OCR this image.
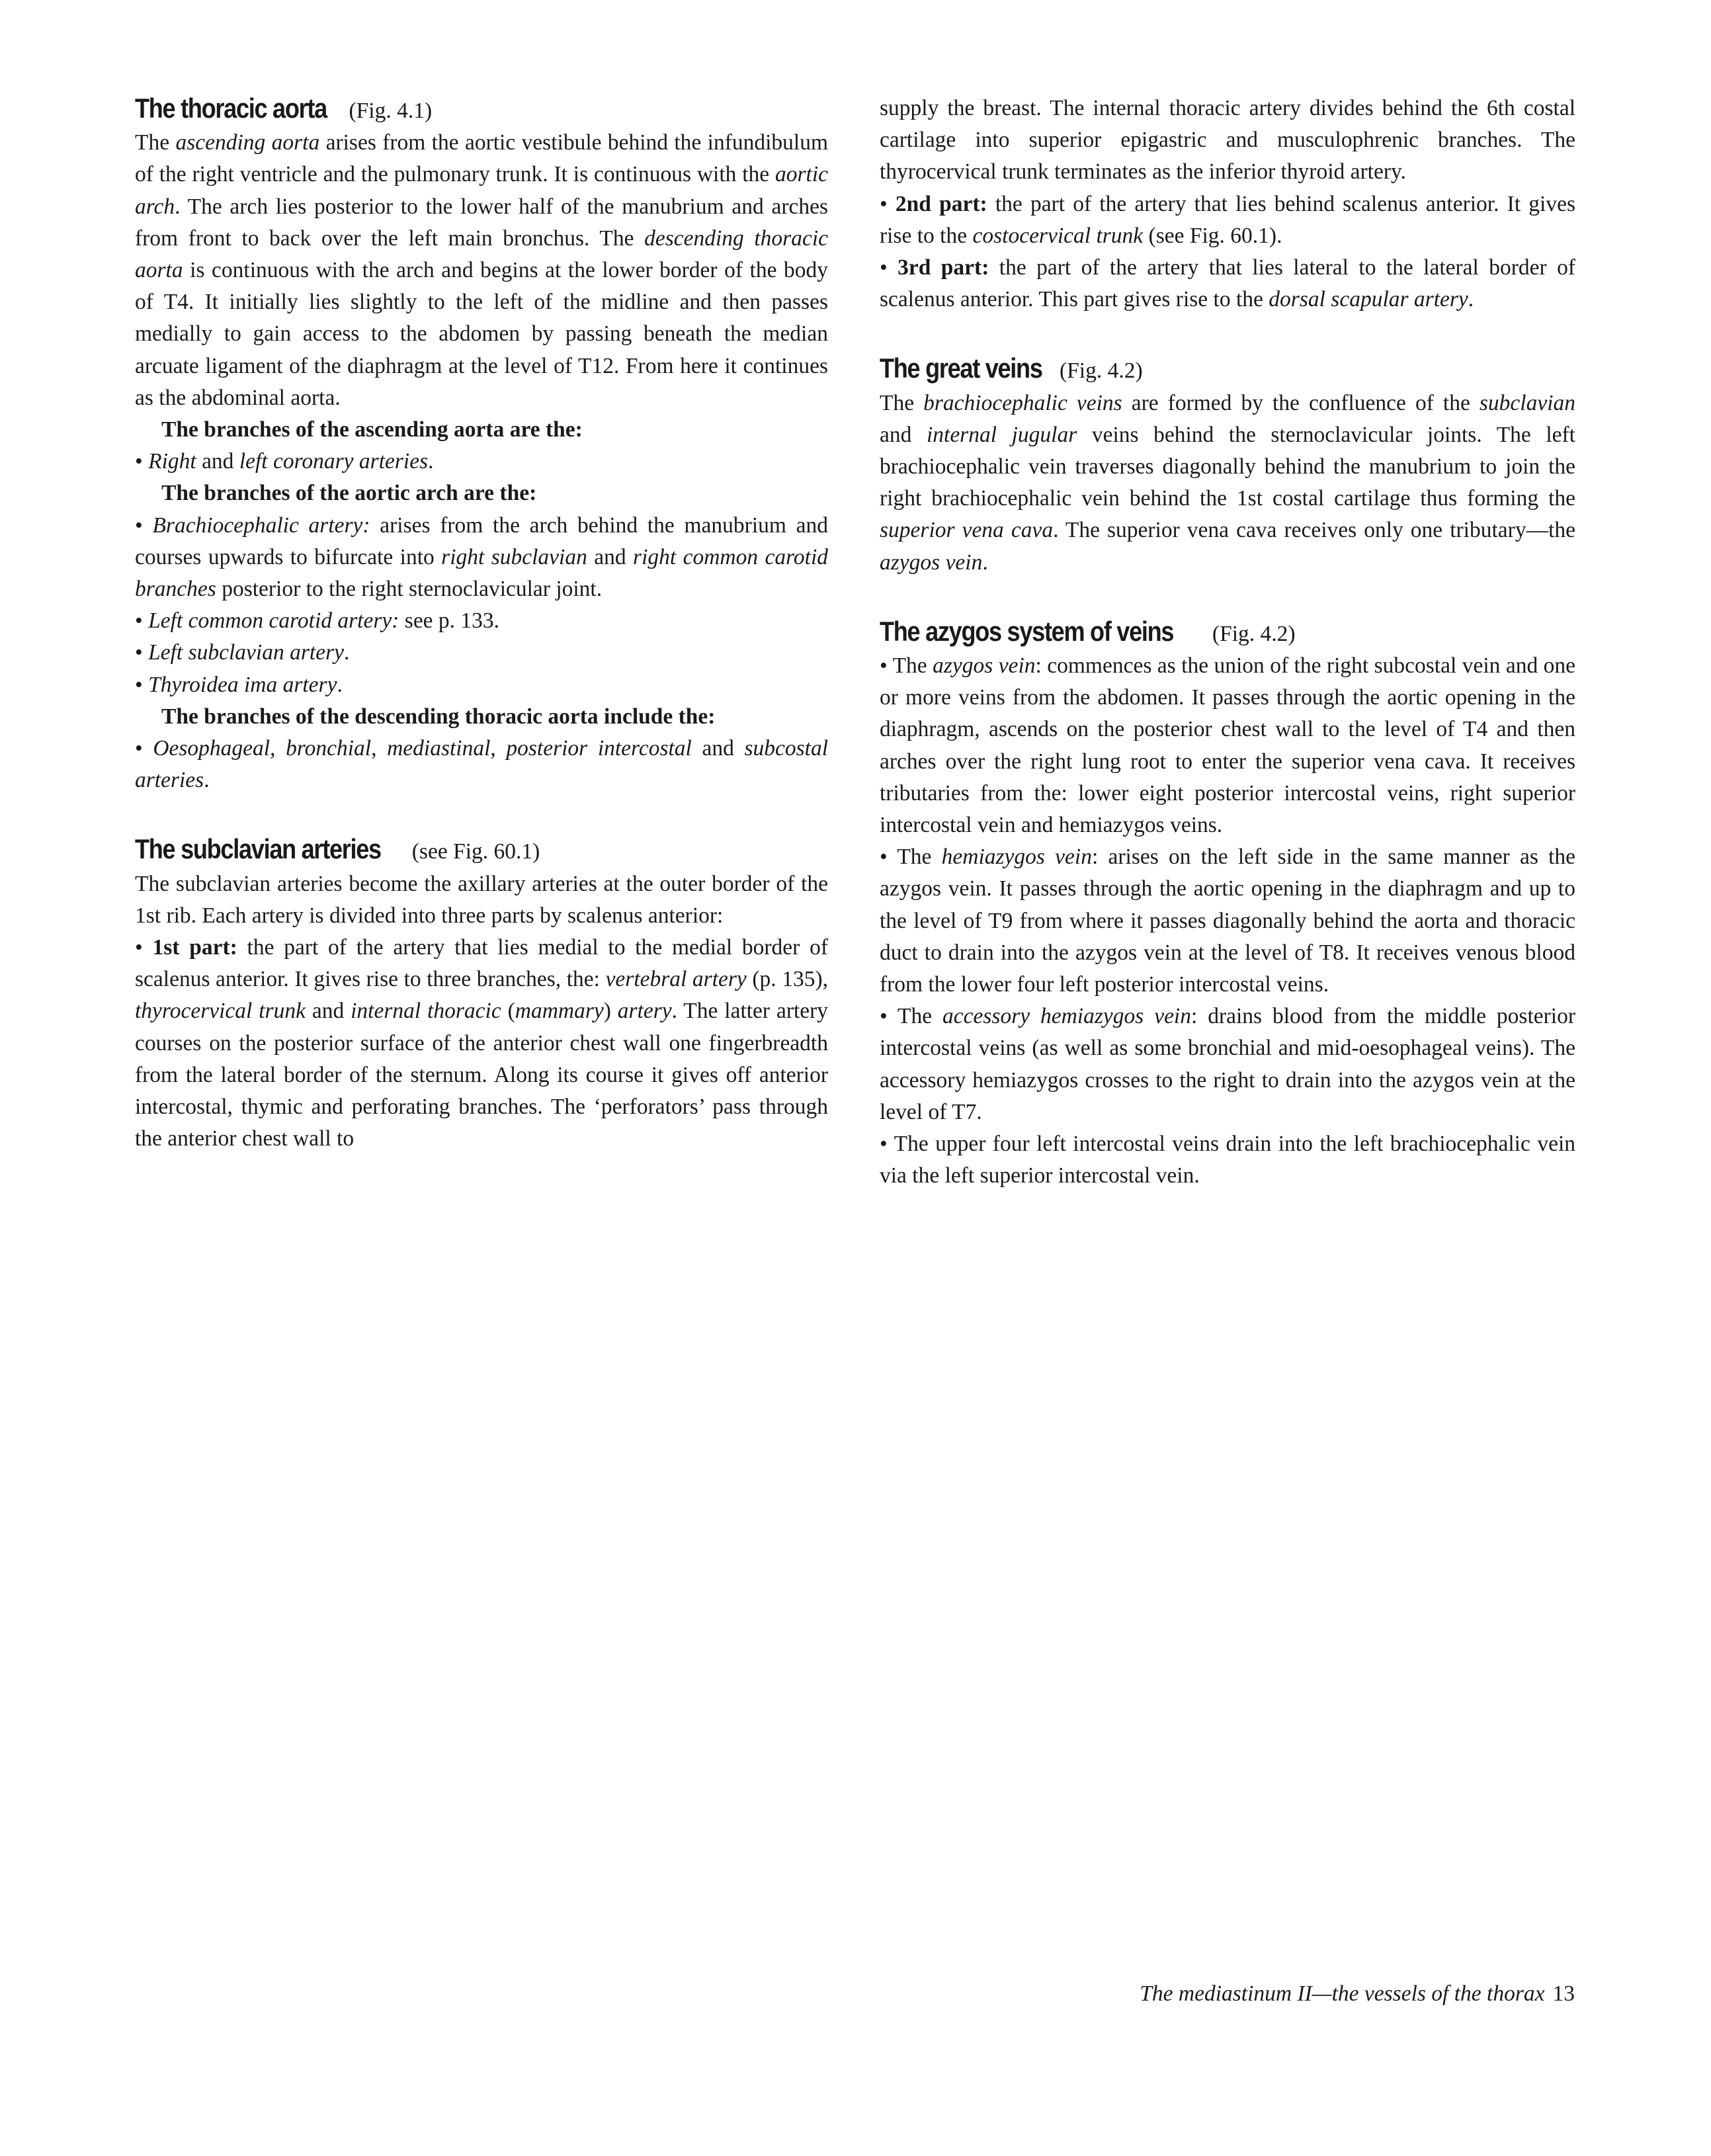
The thoracic aorta (Fig. 4.1)

The ascending aorta arises from the aortic vestibule behind the infundibulum of the right ventricle and the pulmonary trunk. It is continuous with the aortic arch. The arch lies posterior to the lower half of the manubrium and arches from front to back over the left main bronchus. The descending thoracic aorta is continuous with the arch and begins at the lower border of the body of T4. It initially lies slightly to the left of the midline and then passes medially to gain access to the abdomen by passing beneath the median arcuate ligament of the diaphragm at the level of T12. From here it continues as the abdominal aorta.

The branches of the ascending aorta are the:

• Right and left coronary arteries.

The branches of the aortic arch are the:

• Brachiocephalic artery: arises from the arch behind the manubrium and courses upwards to bifurcate into right subclavian and right common carotid branches posterior to the right sternoclavicular joint.

• Left common carotid artery: see p. 133.

• Left subclavian artery.

• Thyroidea ima artery.

The branches of the descending thoracic aorta include the:

• Oesophageal, bronchial, mediastinal, posterior intercostal and subcostal arteries.

The subclavian arteries (see Fig. 60.1)

The subclavian arteries become the axillary arteries at the outer border of the 1st rib. Each artery is divided into three parts by scalenus anterior:

• 1st part: the part of the artery that lies medial to the medial border of scalenus anterior. It gives rise to three branches, the: vertebral artery (p. 135), thyrocervical trunk and internal thoracic (mammary) artery. The latter artery courses on the posterior surface of the anterior chest wall one fingerbreadth from the lateral border of the sternum. Along its course it gives off anterior intercostal, thymic and perforating branches. The ‘perforators’ pass through the anterior chest wall to

supply the breast. The internal thoracic artery divides behind the 6th costal cartilage into superior epigastric and musculophrenic branches. The thyrocervical trunk terminates as the inferior thyroid artery.

• 2nd part: the part of the artery that lies behind scalenus anterior. It gives rise to the costocervical trunk (see Fig. 60.1).

• 3rd part: the part of the artery that lies lateral to the lateral border of scalenus anterior. This part gives rise to the dorsal scapular artery.

The great veins (Fig. 4.2)

The brachiocephalic veins are formed by the confluence of the subclavian and internal jugular veins behind the sternoclavicular joints. The left brachiocephalic vein traverses diagonally behind the manubrium to join the right brachiocephalic vein behind the 1st costal cartilage thus forming the superior vena cava. The superior vena cava receives only one tributary—the azygos vein.

The azygos system of veins (Fig. 4.2)

• The azygos vein: commences as the union of the right subcostal vein and one or more veins from the abdomen. It passes through the aortic opening in the diaphragm, ascends on the posterior chest wall to the level of T4 and then arches over the right lung root to enter the superior vena cava. It receives tributaries from the: lower eight posterior intercostal veins, right superior intercostal vein and hemiazygos veins.

• The hemiazygos vein: arises on the left side in the same manner as the azygos vein. It passes through the aortic opening in the diaphragm and up to the level of T9 from where it passes diagonally behind the aorta and thoracic duct to drain into the azygos vein at the level of T8. It receives venous blood from the lower four left posterior intercostal veins.

• The accessory hemiazygos vein: drains blood from the middle posterior intercostal veins (as well as some bronchial and mid-oesophageal veins). The accessory hemiazygos crosses to the right to drain into the azygos vein at the level of T7.

• The upper four left intercostal veins drain into the left brachiocephalic vein via the left superior intercostal vein.

The mediastinum II—the vessels of the thorax 13
